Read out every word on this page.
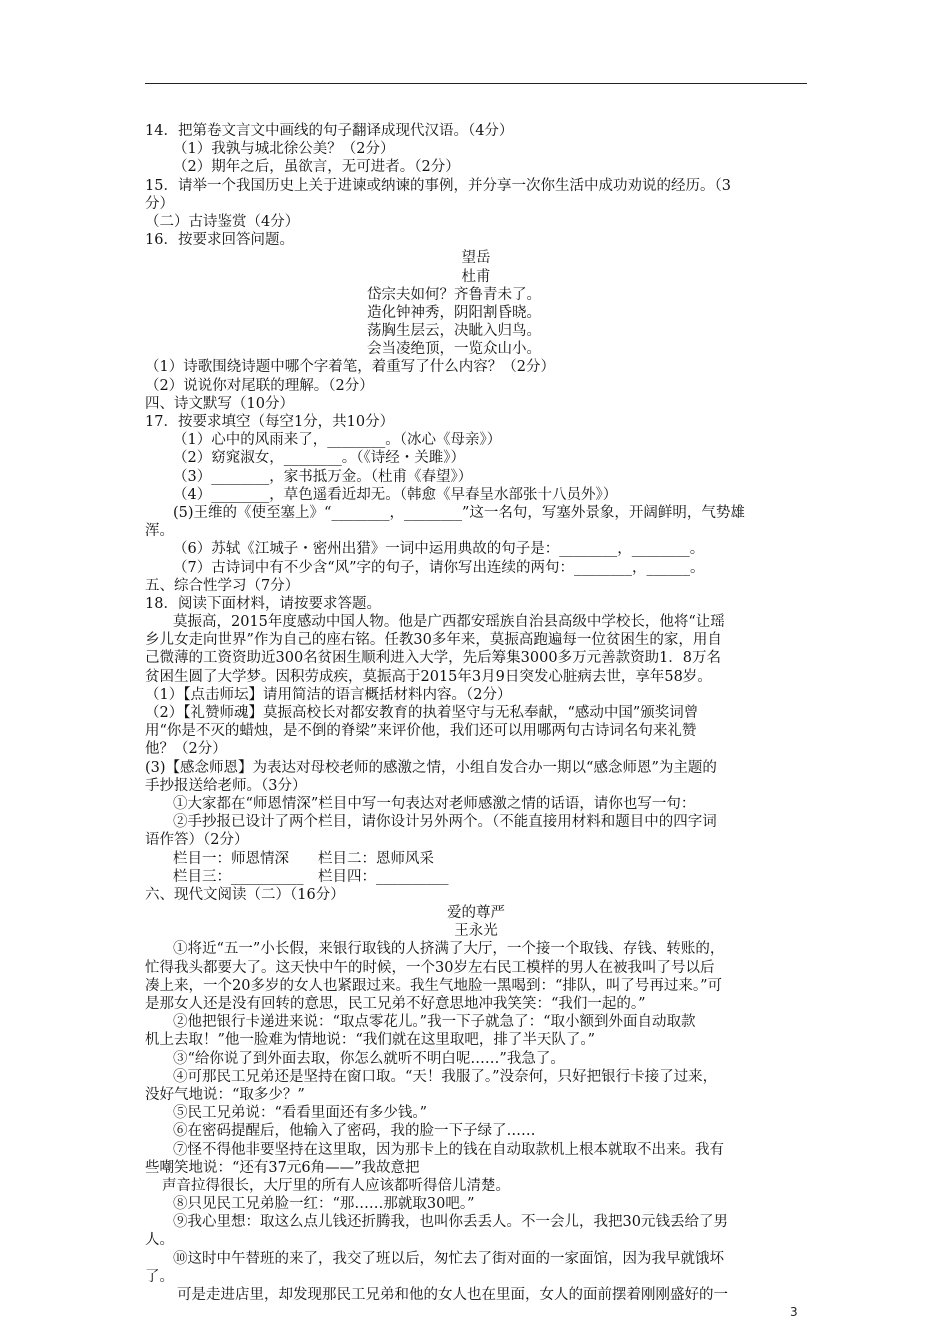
14．把第卷文言文中画线的句子翻译成现代汉语。（4分）
（1）我孰与城北徐公美？（2分）
（2）期年之后，虽欲言，无可进者。（2分）
15．请举一个我国历史上关于进谏或纳谏的事例，并分享一次你生活中成功劝说的经历。（3
分）
（二）古诗鉴赏（4分）
16．按要求回答问题。
望岳
杜甫
岱宗夫如何？齐鲁青未了。
造化钟神秀，阴阳割昏晓。
荡胸生层云，决眦入归鸟。
会当凌绝顶，一览众山小。
（1）诗歌围绕诗题中哪个字着笔，着重写了什么内容？（2分）
（2）说说你对尾联的理解。（2分）
四、诗文默写（10分）
17．按要求填空（每空1分，共10分）
（1）心中的风雨来了，________。（冰心《母亲》）
（2）窈窕淑女，________。（《诗经・关雎》）
（3）________，家书抵万金。（杜甫《春望》）
（4）________，草色遥看近却无。（韩愈《早春呈水部张十八员外》）
(5)王维的《使至塞上》“________，________”这一名句，写塞外景象，开阔鲜明，气势雄
浑。
（6）苏轼《江城子・密州出猎》一词中运用典故的句子是：________，________。
（7）古诗词中有不少含“风”字的句子，请你写出连续的两句：________，______。
五、综合性学习（7分）
18．阅读下面材料，请按要求答题。
莫振高，2015年度感动中国人物。他是广西都安瑶族自治县高级中学校长，他将“让瑶
乡儿女走向世界”作为自己的座右铭。任教30多年来，莫振高跑遍每一位贫困生的家，用自
己微薄的工资资助近300名贫困生顺利进入大学，先后筹集3000多万元善款资助1．8万名
贫困生圆了大学梦。因积劳成疾，莫振高于2015年3月9日突发心脏病去世，享年58岁。
（1）【点击师坛】请用简洁的语言概括材料内容。（2分）
（2）【礼赞师魂】莫振高校长对都安教育的执着坚守与无私奉献，“感动中国”颁奖词曾
用“你是不灭的蜡烛，是不倒的脊梁”来评价他，我们还可以用哪两句古诗词名句来礼赞
他？（2分）
(3)【感念师恩】为表达对母校老师的感激之情，小组自发合办一期以“感念师恩”为主题的
手抄报送给老师。（3分）
①大家都在“师恩情深”栏目中写一句表达对老师感激之情的话语，请你也写一句：
②手抄报已设计了两个栏目，请你设计另外两个。（不能直接用材料和题目中的四字词
语作答）（2分）
栏目一：师恩情深　　栏目二：恩师风采
栏目三：__________　栏目四：__________
六、现代文阅读（二）（16分）
爱的尊严
王永光
①将近“五一”小长假，来银行取钱的人挤满了大厅，一个接一个取钱、存钱、转账的，
忙得我头都要大了。这天快中午的时候，一个30岁左右民工模样的男人在被我叫了号以后
凑上来，一个20多岁的女人也紧跟过来。我生气地脸一黑喝到：“排队，叫了号再过来。”可
是那女人还是没有回转的意思，民工兄弟不好意思地冲我笑笑：“我们一起的。”
②他把银行卡递进来说：“取点零花儿。”我一下子就急了：“取小额到外面自动取款
机上去取！”他一脸难为情地说：“我们就在这里取吧，排了半天队了。”
③“给你说了到外面去取，你怎么就听不明白呢……”我急了。
④可那民工兄弟还是坚持在窗口取。“天！我服了。”没奈何，只好把银行卡接了过来，
没好气地说：“取多少？”
⑤民工兄弟说：“看看里面还有多少钱。”
⑥在密码提醒后，他输入了密码，我的脸一下子绿了……
⑦怪不得他非要坚持在这里取，因为那卡上的钱在自动取款机上根本就取不出来。我有
些嘲笑地说：“还有37元6角——”我故意把
声音拉得很长，大厅里的所有人应该都听得倍儿清楚。
⑧只见民工兄弟脸一红：“那……那就取30吧。”
⑨我心里想：取这么点儿钱还折腾我，也叫你丢丢人。不一会儿，我把30元钱丢给了男
人。
⑩这时中午替班的来了，我交了班以后，匆忙去了街对面的一家面馆，因为我早就饿坏
了。
可是走进店里，却发现那民工兄弟和他的女人也在里面，女人的面前摆着刚刚盛好的一
3
